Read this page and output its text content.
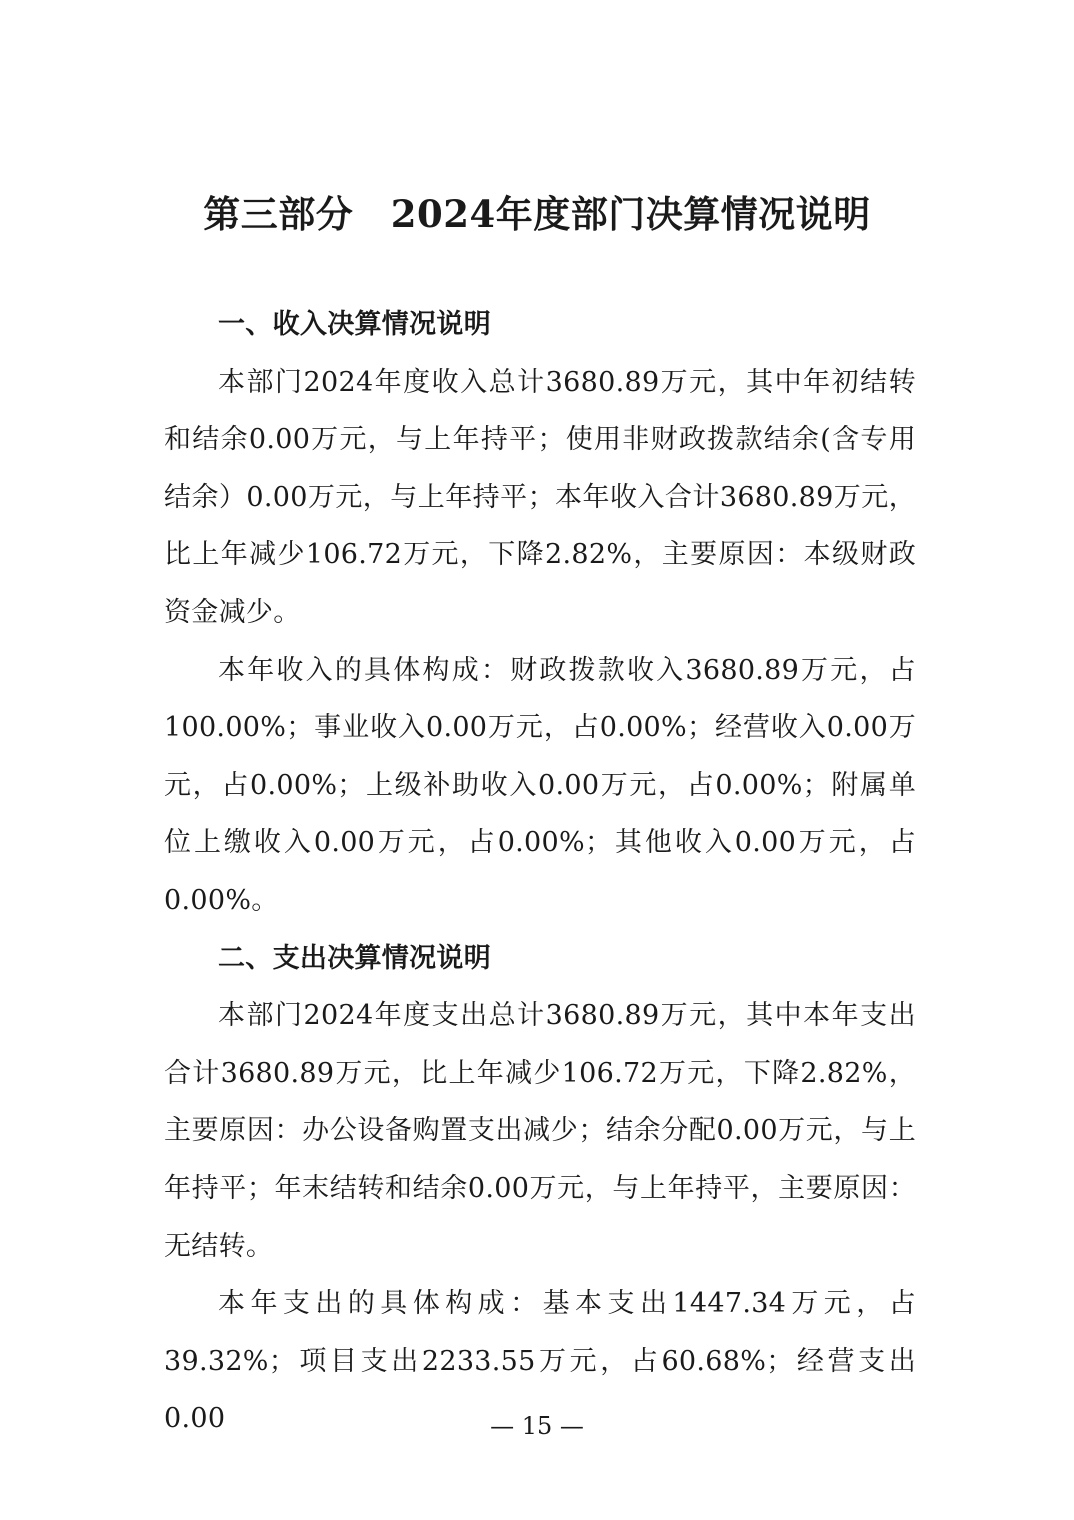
第三部分　2024年度部门决算情况说明
一、收入决算情况说明

本部门2024年度收入总计3680.89万元，其中年初结转和结余0.00万元，与上年持平；使用非财政拨款结余(含专用结余）0.00万元，与上年持平；本年收入合计3680.89万元，比上年减少106.72万元，下降2.82%，主要原因：本级财政资金减少。

本年收入的具体构成：财政拨款收入3680.89万元，占100.00%；事业收入0.00万元，占0.00%；经营收入0.00万元，占0.00%；上级补助收入0.00万元，占0.00%；附属单位上缴收入0.00万元，占0.00%；其他收入0.00万元，占0.00%。

二、支出决算情况说明

本部门2024年度支出总计3680.89万元，其中本年支出合计3680.89万元，比上年减少106.72万元，下降2.82%，主要原因：办公设备购置支出减少；结余分配0.00万元，与上年持平；年末结转和结余0.00万元，与上年持平，主要原因：无结转。

本年支出的具体构成：基本支出1447.34万元，占39.32%；项目支出2233.55万元，占60.68%；经营支出0.00	— 15 —
